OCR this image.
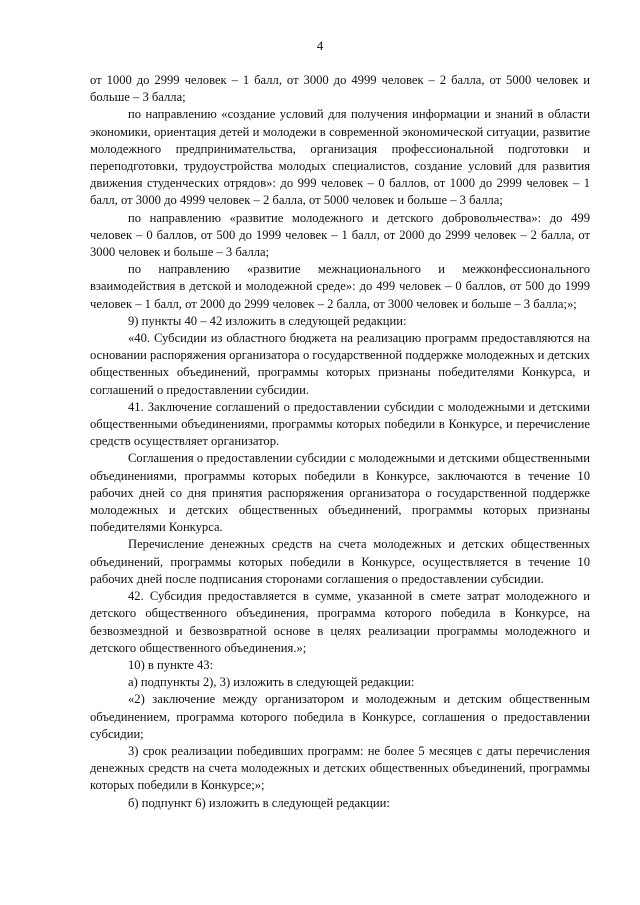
4

от 1000 до 2999 человек – 1 балл, от 3000 до 4999 человек – 2 балла, от 5000 человек и больше – 3 балла;

по направлению «создание условий для получения информации и знаний в области экономики, ориентация детей и молодежи в современной экономической ситуации, развитие молодежного предпринимательства, организация профессиональной подготовки и переподготовки, трудоустройства молодых специалистов, создание условий для развития движения студенческих отрядов»: до 999 человек – 0 баллов, от 1000 до 2999 человек – 1 балл, от 3000 до 4999 человек – 2 балла, от 5000 человек и больше – 3 балла;

по направлению «развитие молодежного и детского добровольчества»: до 499 человек – 0 баллов, от 500 до 1999 человек – 1 балл, от 2000 до 2999 человек – 2 балла, от 3000 человек и больше – 3 балла;

по направлению «развитие межнационального и межконфессионального взаимодействия в детской и молодежной среде»: до 499 человек – 0 баллов, от 500 до 1999 человек – 1 балл, от 2000 до 2999 человек – 2 балла, от 3000 человек и больше – 3 балла;»;

9) пункты 40 – 42 изложить в следующей редакции:

«40. Субсидии из областного бюджета на реализацию программ предоставляются на основании распоряжения организатора о государственной поддержке молодежных и детских общественных объединений, программы которых признаны победителями Конкурса, и соглашений о предоставлении субсидии.

41. Заключение соглашений о предоставлении субсидии с молодежными и детскими общественными объединениями, программы которых победили в Конкурсе, и перечисление средств осуществляет организатор.

Соглашения о предоставлении субсидии с молодежными и детскими общественными объединениями, программы которых победили в Конкурсе, заключаются в течение 10 рабочих дней со дня принятия распоряжения организатора о государственной поддержке молодежных и детских общественных объединений, программы которых признаны победителями Конкурса.

Перечисление денежных средств на счета молодежных и детских общественных объединений, программы которых победили в Конкурсе, осуществляется в течение 10 рабочих дней после подписания сторонами соглашения о предоставлении субсидии.

42. Субсидия предоставляется в сумме, указанной в смете затрат молодежного и детского общественного объединения, программа которого победила в Конкурсе, на безвозмездной и безвозвратной основе в целях реализации программы молодежного и детского общественного объединения.»;

10) в пункте 43:

а) подпункты 2), 3) изложить в следующей редакции:

«2) заключение между организатором и молодежным и детским общественным объединением, программа которого победила в Конкурсе, соглашения о предоставлении субсидии;

3) срок реализации победивших программ: не более 5 месяцев с даты перечисления денежных средств на счета молодежных и детских общественных объединений, программы которых победили в Конкурсе;»;

б) подпункт 6) изложить в следующей редакции:
